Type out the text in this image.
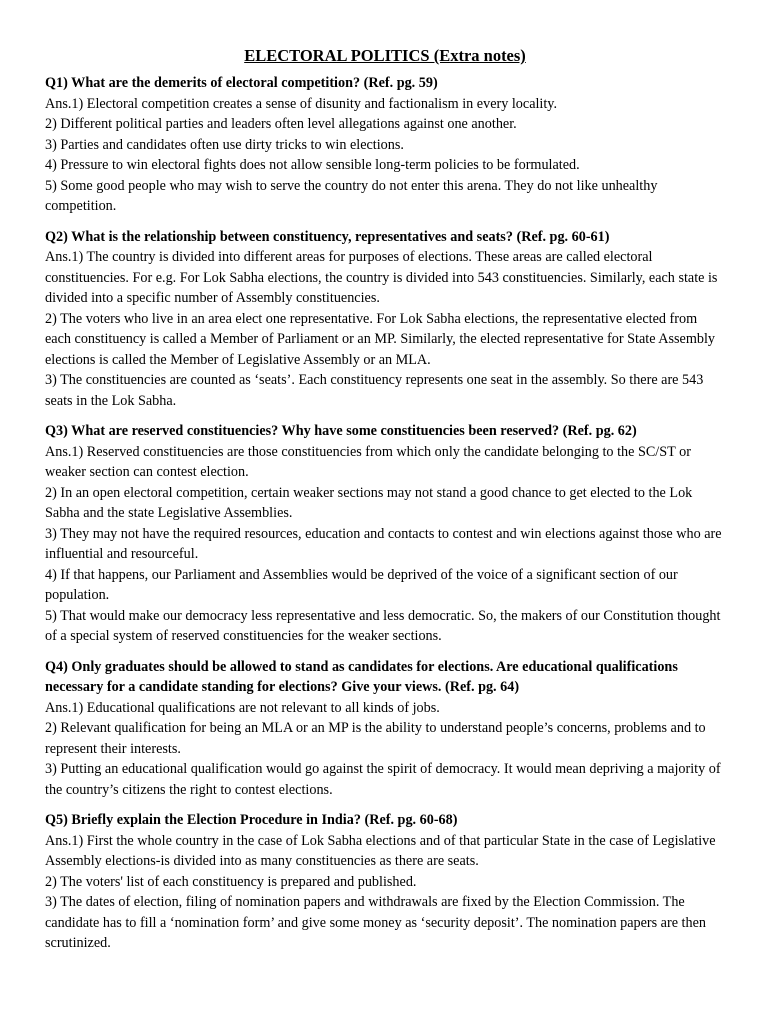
ELECTORAL POLITICS (Extra notes)

Q1) What are the demerits of electoral competition? (Ref. pg. 59)

Ans.1) Electoral competition creates a sense of disunity and factionalism in every locality.

2) Different political parties and leaders often level allegations against one another.

3) Parties and candidates often use dirty tricks to win elections.

4) Pressure to win electoral fights does not allow sensible long-term policies to be formulated.

5) Some good people who may wish to serve the country do not enter this arena. They do not like unhealthy competition.

Q2) What is the relationship between constituency, representatives and seats? (Ref. pg. 60-61)

Ans.1) The country is divided into different areas for purposes of elections. These areas are called electoral constituencies. For e.g. For Lok Sabha elections, the country is divided into 543 constituencies. Similarly, each state is divided into a specific number of Assembly constituencies.

2) The voters who live in an area elect one representative. For Lok Sabha elections, the representative elected from each constituency is called a Member of Parliament or an MP. Similarly, the elected representative for State Assembly elections is called the Member of Legislative Assembly or an MLA.

3) The constituencies are counted as ‘seats’. Each constituency represents one seat in the assembly. So there are 543 seats in the Lok Sabha.

Q3) What are reserved constituencies? Why have some constituencies been reserved? (Ref. pg. 62)

Ans.1) Reserved constituencies are those constituencies from which only the candidate belonging to the SC/ST or weaker section can contest election.

2) In an open electoral competition, certain weaker sections may not stand a good chance to get elected to the Lok Sabha and the state Legislative Assemblies.

3) They may not have the required resources, education and contacts to contest and win elections against those who are influential and resourceful.

4) If that happens, our Parliament and Assemblies would be deprived of the voice of a significant section of our population.

5) That would make our democracy less representative and less democratic. So, the makers of our Constitution thought of a special system of reserved constituencies for the weaker sections.

Q4) Only graduates should be allowed to stand as candidates for elections. Are educational qualifications necessary for a candidate standing for elections? Give your views. (Ref. pg. 64)

Ans.1) Educational qualifications are not relevant to all kinds of jobs.

2) Relevant qualification for being an MLA or an MP is the ability to understand people’s concerns, problems and to represent their interests.

3) Putting an educational qualification would go against the spirit of democracy. It would mean depriving a majority of the country’s citizens the right to contest elections.

Q5) Briefly explain the Election Procedure in India? (Ref. pg. 60-68)

Ans.1) First the whole country in the case of Lok Sabha elections and of that particular State in the case of Legislative Assembly elections-is divided into as many constituencies as there are seats.

2) The voters' list of each constituency is prepared and published.

3) The dates of election, filing of nomination papers and withdrawals are fixed by the Election Commission. The candidate has to fill a ‘nomination form’ and give some money as ‘security deposit’. The nomination papers are then scrutinized.
